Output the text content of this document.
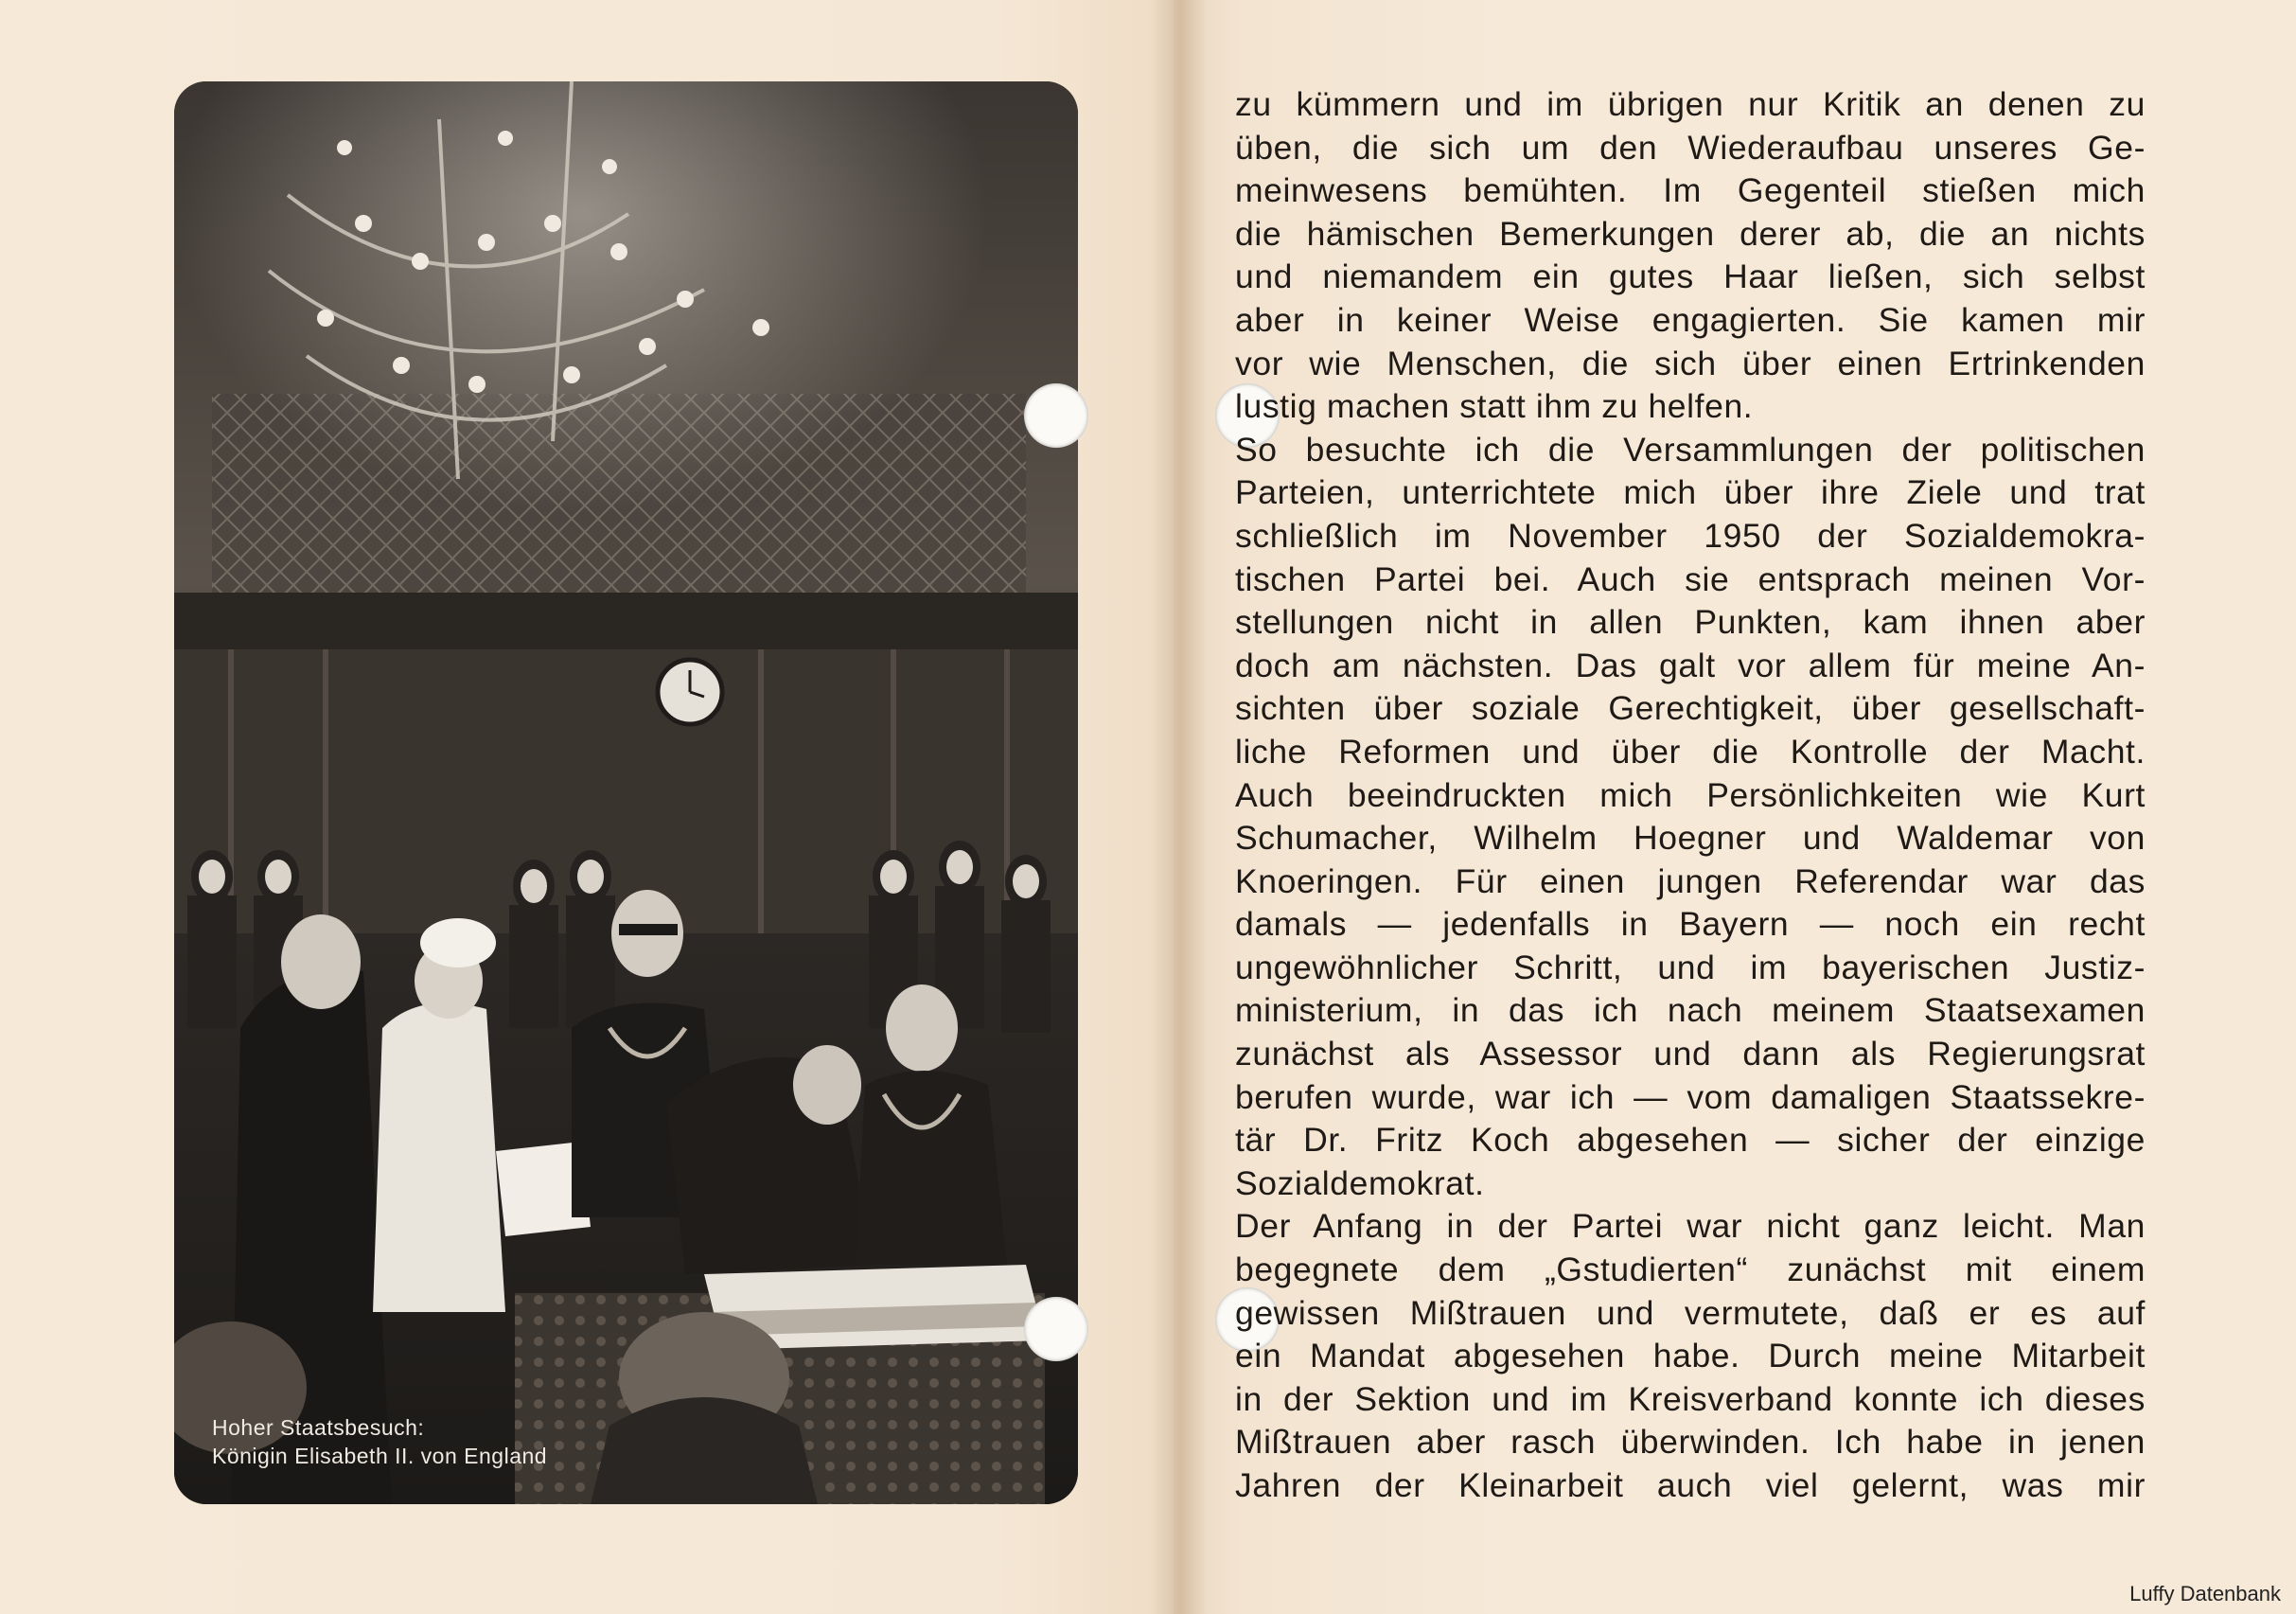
Hoher Staatsbesuch:
Königin Elisabeth II. von England
zu kümmern und im übrigen nur Kritik an denen zu
üben, die sich um den Wiederaufbau unseres Ge-
meinwesens bemühten. Im Gegenteil stießen mich
die hämischen Bemerkungen derer ab, die an nichts
und niemandem ein gutes Haar ließen, sich selbst
aber in keiner Weise engagierten. Sie kamen mir
vor wie Menschen, die sich über einen Ertrinkenden
lustig machen statt ihm zu helfen.
So besuchte ich die Versammlungen der politischen
Parteien, unterrichtete mich über ihre Ziele und trat
schließlich im November 1950 der Sozialdemokra-
tischen Partei bei. Auch sie entsprach meinen Vor-
stellungen nicht in allen Punkten, kam ihnen aber
doch am nächsten. Das galt vor allem für meine An-
sichten über soziale Gerechtigkeit, über gesellschaft-
liche Reformen und über die Kontrolle der Macht.
Auch beeindruckten mich Persönlichkeiten wie Kurt
Schumacher, Wilhelm Hoegner und Waldemar von
Knoeringen. Für einen jungen Referendar war das
damals — jedenfalls in Bayern — noch ein recht
ungewöhnlicher Schritt, und im bayerischen Justiz-
ministerium, in das ich nach meinem Staatsexamen
zunächst als Assessor und dann als Regierungsrat
berufen wurde, war ich — vom damaligen Staatssekre-
tär Dr. Fritz Koch abgesehen — sicher der einzige
Sozialdemokrat.
Der Anfang in der Partei war nicht ganz leicht. Man
begegnete dem „Gstudierten“ zunächst mit einem
gewissen Mißtrauen und vermutete, daß er es auf
ein Mandat abgesehen habe. Durch meine Mitarbeit
in der Sektion und im Kreisverband konnte ich dieses
Mißtrauen aber rasch überwinden. Ich habe in jenen
Jahren der Kleinarbeit auch viel gelernt, was mir
Luffy Datenbank
